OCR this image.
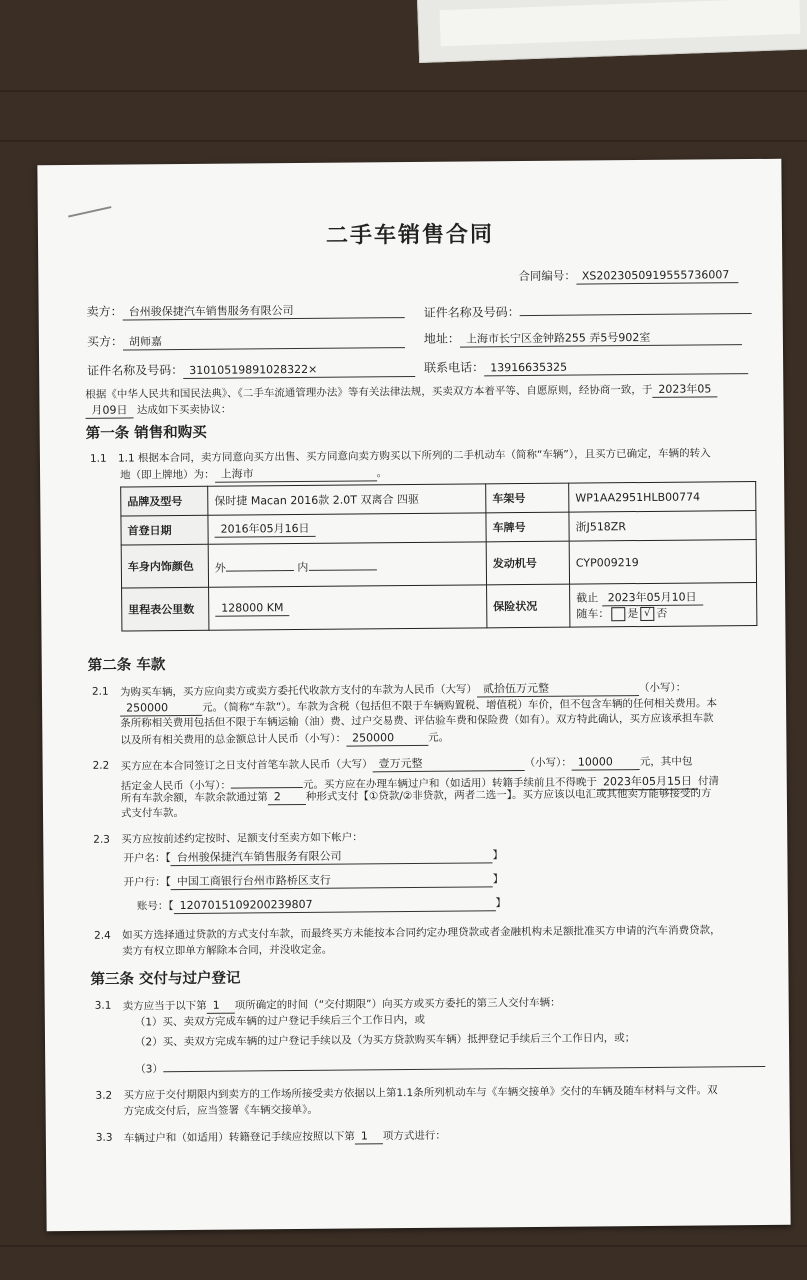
二手车销售合同
合同编号： XS2023050919555736007
卖方： 台州骏保捷汽车销售服务有限公司	证件名称及号码：
买方： 胡师嘉	地址： 上海市长宁区金钟路255 弄5号902室
证件名称及号码： 31010519891028322×	联系电话： 13916635325
根据《中华人民共和国民法典》、《二手车流通管理办法》等有关法律法规，买卖双方本着平等、自愿原则，经协商一致，于 2023年05
月09日 达成如下买卖协议：
第一条 销售和购买
1.1 1.1 根据本合同，卖方同意向买方出售、买方同意向卖方购买以下所列的二手机动车（简称“车辆”），且买方已确定，车辆的转入
地（即上牌地）为： 上海市	。
品牌及型号	保时捷 Macan 2016款 2.0T 双离合 四驱	车架号	WP1AA2951HLB00774
首登日期	2016年05月16日	车牌号	浙J518ZR
车身内饰颜色	外 内	发动机号	CYP009219
里程表公里数	128000 KM	保险状况	截止 2023年05月10日
随车： 是 √ 否
第二条 车款
2.1 为购买车辆，买方应向卖方或卖方委托代收款方支付的车款为人民币（大写） 贰拾伍万元整	（小写）：
250000	元。（简称“车款”）。车款为含税（包括但不限于车辆购置税、增值税）车价，但不包含车辆的任何相关费用。本
条所称相关费用包括但不限于车辆运输（油）费、过户交易费、评估验车费和保险费（如有）。双方特此确认，买方应该承担车款
以及所有相关费用的总金额总计人民币（小写）： 250000	元。
2.2 买方应在本合同签订之日支付首笔车款人民币（大写） 壹万元整	（小写）： 10000	元，其中包
括定金人民币（小写）：	元。买方应在办理车辆过户和（如适用）转籍手续前且不得晚于 2023年05月15日 付清
所有车款余额，车款余款通过第 2 种形式支付【①贷款/②非贷款，两者二选一】。买方应该以电汇或其他卖方能够接受的方
式支付车款。
2.3 买方应按前述约定按时、足额支付至卖方如下帐户：
开户名：【 台州骏保捷汽车销售服务有限公司	】
开户行：【 中国工商银行台州市路桥区支行	】
账号：【 1207015109200239807	】
2.4 如买方选择通过贷款的方式支付车款，而最终买方未能按本合同约定办理贷款或者金融机构未足额批准买方申请的汽车消费贷款，
卖方有权立即单方解除本合同，并没收定金。
第三条 交付与过户登记
3.1 卖方应当于以下第 1 项所确定的时间（“交付期限”）向买方或买方委托的第三人交付车辆：
（1）买、卖双方完成车辆的过户登记手续后三个工作日内，或
（2）买、卖双方完成车辆的过户登记手续以及（为买方贷款购买车辆）抵押登记手续后三个工作日内，或；
（3）
3.2 买方应于交付期限内到卖方的工作场所接受卖方依据以上第1.1条所列机动车与《车辆交接单》交付的车辆及随车材料与文件。双
方完成交付后，应当签署《车辆交接单》。
3.3 车辆过户和（如适用）转籍登记手续应按照以下第 1 项方式进行：
